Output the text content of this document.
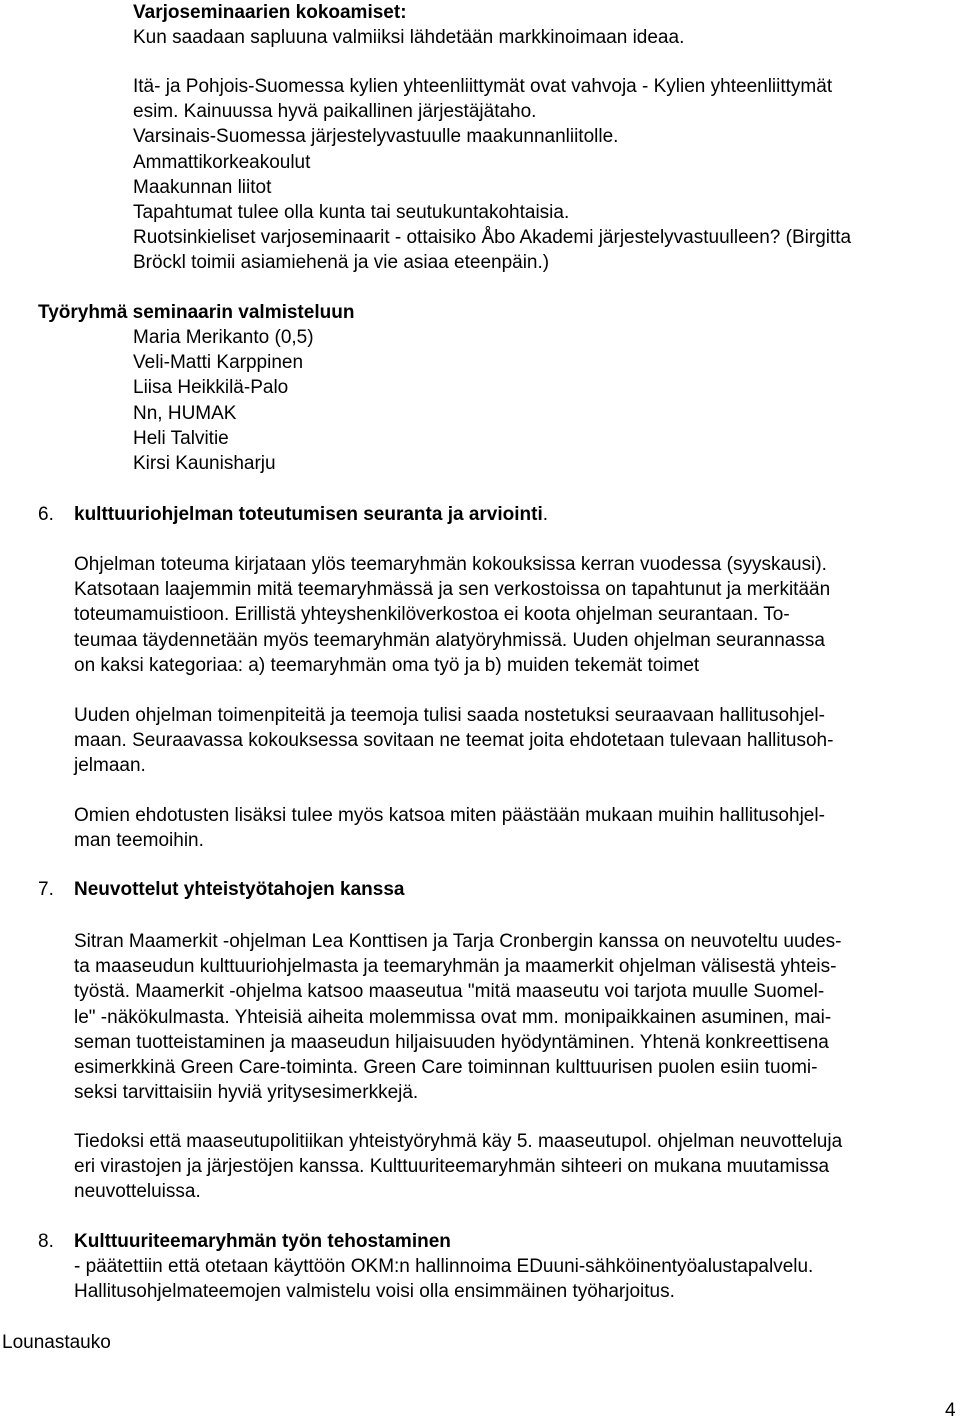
Varjoseminaarien kokoamiset:
Kun saadaan sapluuna valmiiksi lähdetään markkinoimaan ideaa.
Itä- ja Pohjois-Suomessa kylien yhteenliittymät ovat vahvoja - Kylien yhteenliittymät
esim. Kainuussa hyvä paikallinen järjestäjätaho.
Varsinais-Suomessa järjestelyvastuulle maakunnanliitolle.
Ammattikorkeakoulut
Maakunnan liitot
Tapahtumat tulee olla kunta tai seutukuntakohtaisia.
Ruotsinkieliset varjoseminaarit - ottaisiko Åbo Akademi järjestelyvastuulleen? (Birgitta
Bröckl toimii asiamiehenä ja vie asiaa eteenpäin.)
Työryhmä seminaarin valmisteluun
Maria Merikanto (0,5)
Veli-Matti Karppinen
Liisa Heikkilä-Palo
Nn, HUMAK
Heli Talvitie
Kirsi Kaunisharju
6. kulttuuriohjelman toteutumisen seuranta ja arviointi.
Ohjelman toteuma kirjataan ylös teemaryhmän kokouksissa kerran vuodessa (syyskausi).
Katsotaan laajemmin mitä teemaryhmässä ja sen verkostoissa on tapahtunut ja merkitään
toteumamuistioon. Erillistä yhteyshenkilöverkostoa ei koota ohjelman seurantaan. To-
teumaa täydennetään myös teemaryhmän alatyöryhmissä. Uuden ohjelman seurannassa
on kaksi kategoriaa: a) teemaryhmän oma työ ja b) muiden tekemät toimet
Uuden ohjelman toimenpiteitä ja teemoja tulisi saada nostetuksi seuraavaan hallitusohjel-
maan. Seuraavassa kokouksessa sovitaan ne teemat joita ehdotetaan tulevaan hallitusoh-
jelmaan.
Omien ehdotusten lisäksi tulee myös katsoa miten päästään mukaan muihin hallitusohjel-
man teemoihin.
7. Neuvottelut yhteistyötahojen kanssa
Sitran Maamerkit -ohjelman Lea Konttisen ja Tarja Cronbergin kanssa on neuvoteltu uudes-
ta maaseudun kulttuuriohjelmasta ja teemaryhmän ja maamerkit ohjelman välisestä yhteis-
työstä. Maamerkit -ohjelma katsoo maaseutua "mitä maaseutu voi tarjota muulle Suomel-
le" -näkökulmasta. Yhteisiä aiheita molemmissa ovat mm. monipaikkainen asuminen, mai-
seman tuotteistaminen ja maaseudun hiljaisuuden hyödyntäminen. Yhtenä konkreettisena
esimerkkinä Green Care-toiminta. Green Care toiminnan kulttuurisen puolen esiin tuomi-
seksi tarvittaisiin hyviä yritysesimerkkejä.
Tiedoksi että maaseutupolitiikan yhteistyöryhmä käy 5. maaseutupol. ohjelman neuvotteluja
eri virastojen ja järjestöjen kanssa. Kulttuuriteemaryhmän sihteeri on mukana muutamissa
neuvotteluissa.
8. Kulttuuriteemaryhmän työn tehostaminen
- päätettiin että otetaan käyttöön OKM:n hallinnoima EDuuni-sähköinentyöalustapalvelu.
Hallitusohjelmateemojen valmistelu voisi olla ensimmäinen työharjoitus.
Lounastauko
4
